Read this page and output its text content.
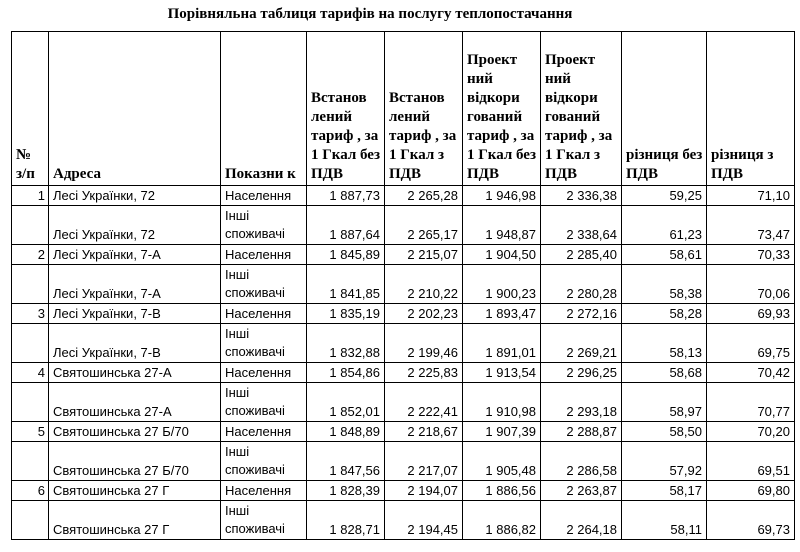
Порівняльна таблиця тарифів на послугу теплопостачання
№ з/п	Адреса	Показни к	Встанов лений тариф , за 1 Гкал без ПДВ	Встанов лений тариф , за 1 Гкал з ПДВ	Проект ний відкори гований тариф , за 1 Гкал без ПДВ	Проект ний відкори гований тариф , за 1 Гкал з ПДВ	різниця без ПДВ	різниця з ПДВ
1	Лесі Українки, 72	Населення	1 887,73	2 265,28	1 946,98	2 336,38	59,25	71,10
	Лесі Українки, 72	Інші споживачі	1 887,64	2 265,17	1 948,87	2 338,64	61,23	73,47
2	Лесі Українки, 7-А	Населення	1 845,89	2 215,07	1 904,50	2 285,40	58,61	70,33
	Лесі Українки, 7-А	Інші споживачі	1 841,85	2 210,22	1 900,23	2 280,28	58,38	70,06
3	Лесі Українки, 7-В	Населення	1 835,19	2 202,23	1 893,47	2 272,16	58,28	69,93
	Лесі Українки, 7-В	Інші споживачі	1 832,88	2 199,46	1 891,01	2 269,21	58,13	69,75
4	Святошинська 27-А	Населення	1 854,86	2 225,83	1 913,54	2 296,25	58,68	70,42
	Святошинська 27-А	Інші споживачі	1 852,01	2 222,41	1 910,98	2 293,18	58,97	70,77
5	Святошинська 27 Б/70	Населення	1 848,89	2 218,67	1 907,39	2 288,87	58,50	70,20
	Святошинська 27 Б/70	Інші споживачі	1 847,56	2 217,07	1 905,48	2 286,58	57,92	69,51
6	Святошинська 27 Г	Населення	1 828,39	2 194,07	1 886,56	2 263,87	58,17	69,80
	Святошинська 27 Г	Інші споживачі	1 828,71	2 194,45	1 886,82	2 264,18	58,11	69,73
